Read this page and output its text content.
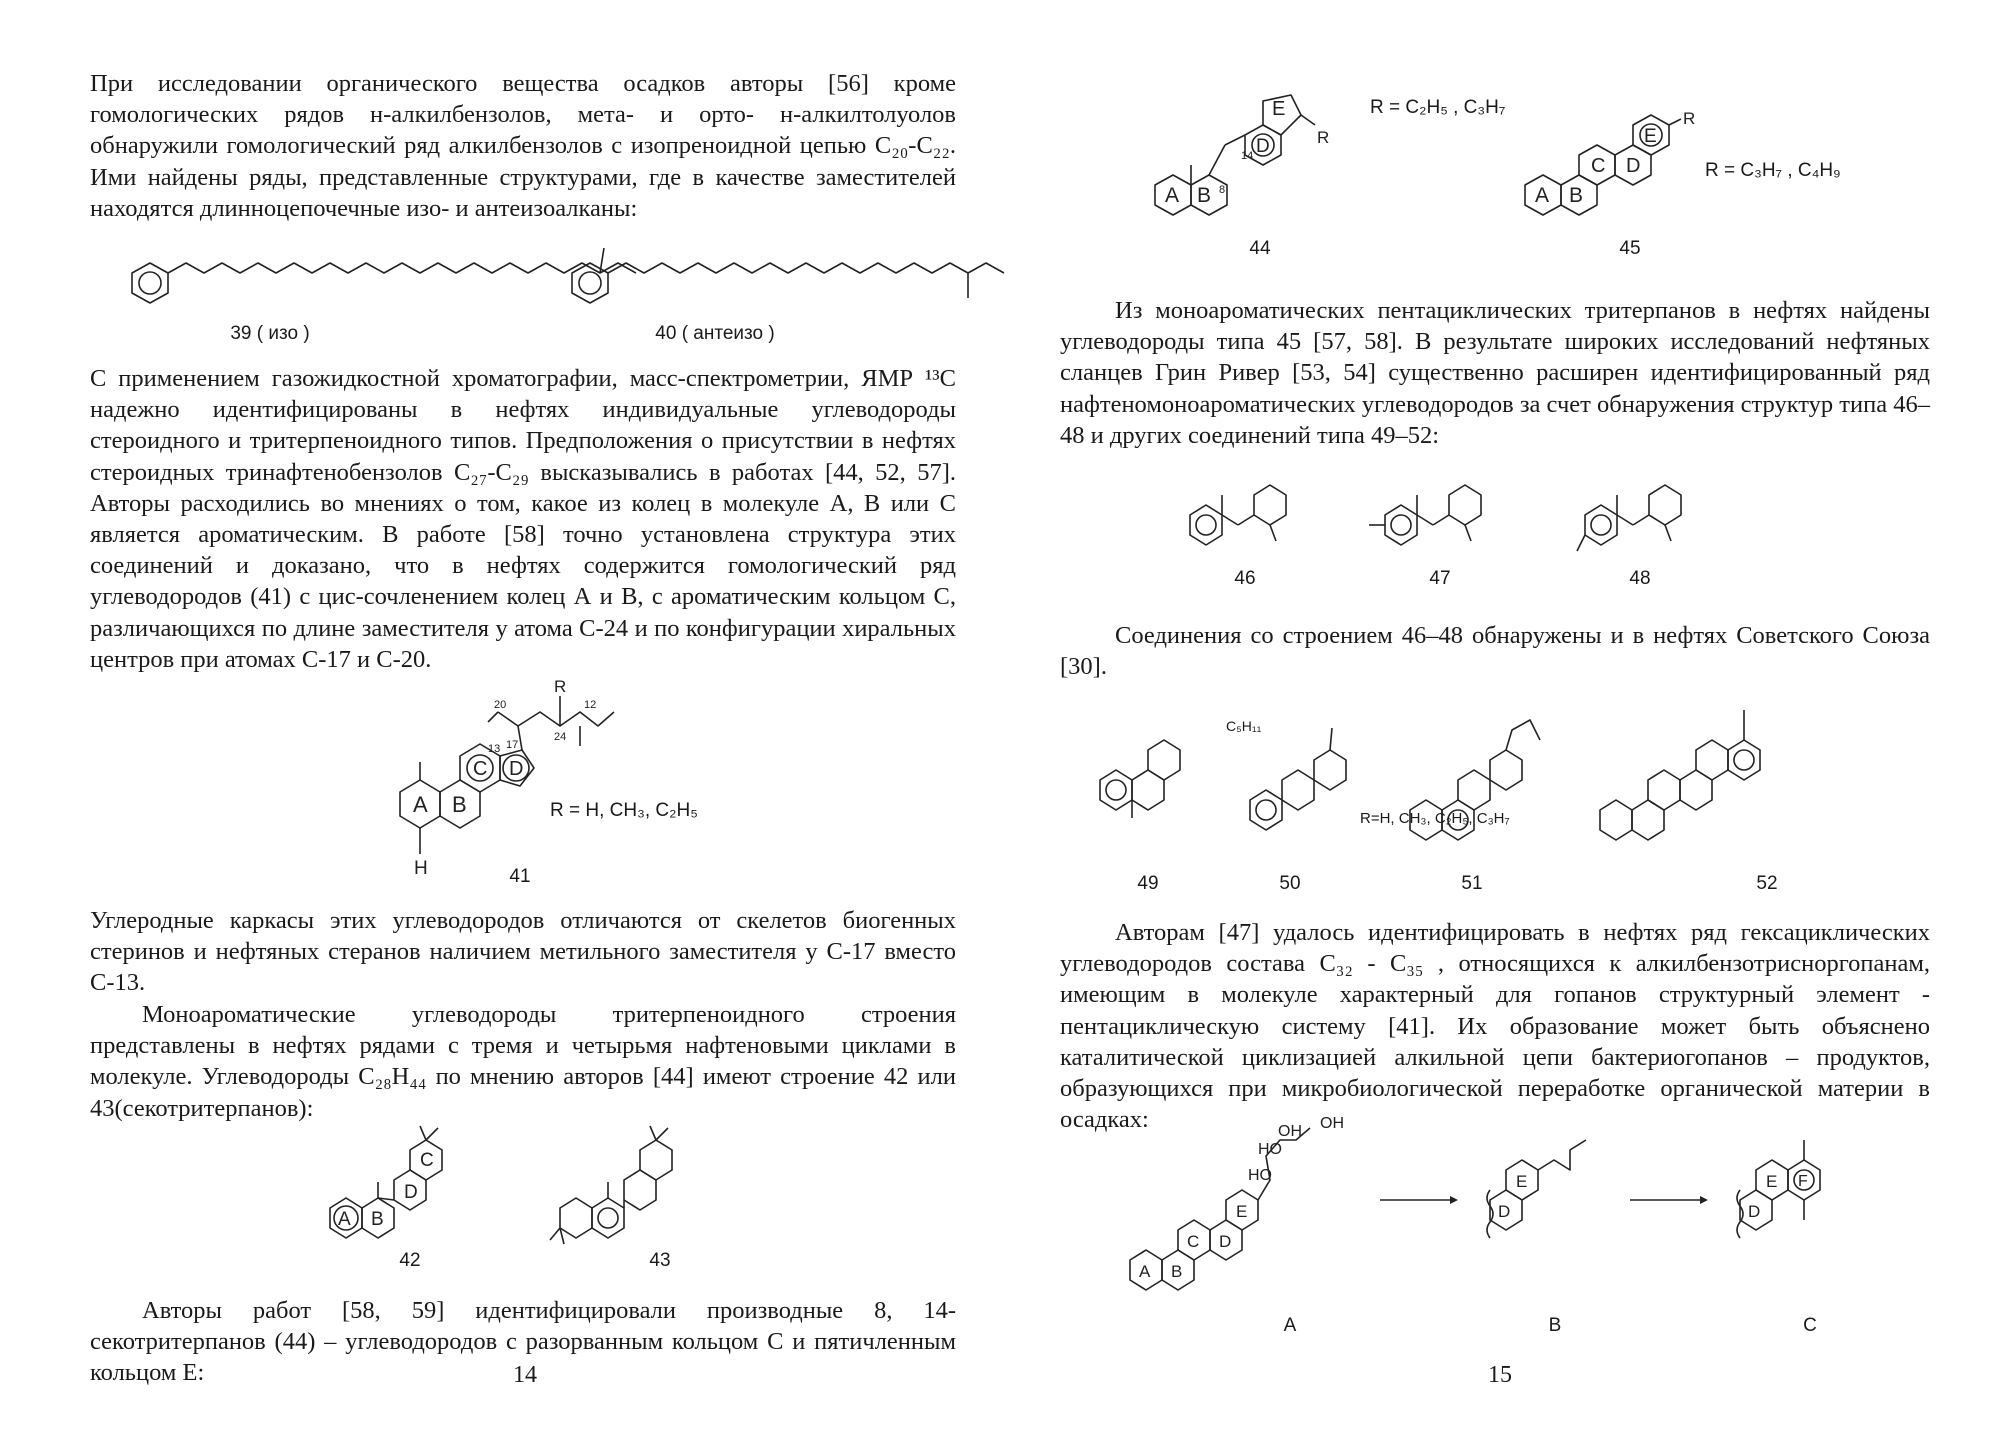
При исследовании органического вещества осадков авторы [56] кроме гомологических рядов н-алкилбензолов, мета- и орто- н-алкилтолуолов обнаружили гомологический ряд алкилбензолов с изопреноидной цепью C₂₀-C₂₂. Ими найдены ряды, представленные структурами, где в качестве заместителей находятся длинноцепочечные изо- и антеизоалканы:

39 ( изо )	40 ( антеизо )

С применением газожидкостной хроматографии, масс-спектрометрии, ЯМР ¹³С надежно идентифицированы в нефтях индивидуальные углеводороды стероидного и тритерпеноидного типов. Предположения о присутствии в нефтях стероидных тринафтенобензолов C₂₇-C₂₉ высказывались в работах [44, 52, 57]. Авторы расходились во мнениях о том, какое из колец в молекуле А, В или С является ароматическим. В работе [58] точно установлена структура этих соединений и доказано, что в нефтях содержится гомологический ряд углеводородов (41) с цис-сочленением колец А и В, с ароматическим кольцом С, различающихся по длине заместителя у атома С-24 и по конфигурации хиральных центров при атомах С-17 и С-20.

A B
C D
H
13 17
20
R
24
12
R = H, CH₃, C₂H₅
41

Углеродные каркасы этих углеводородов отличаются от скелетов биогенных стеринов и нефтяных стеранов наличием метильного заместителя у С-17 вместо С-13.

Моноароматические углеводороды тритерпеноидного строения представлены в нефтях рядами с тремя и четырьмя нафтеновыми циклами в молекуле. Углеводороды C₂₈H₄₄ по мнению авторов [44] имеют строение 42 или 43(секотритерпанов):

A B
D
C
42	43

Авторы работ [58, 59] идентифицировали производные 8, 14-секотритерпанов (44) – углеводородов с разорванным кольцом С и пятичленным кольцом Е:	14
A B 8
D
E
14
R
R = C₂H₅ , C₃H₇
44
A B
C D
E
R
R = C₃H₇ , C₄H₉
45

Из моноароматических пентациклических тритерпанов в нефтях найдены углеводороды типа 45 [57, 58]. В результате широких исследований нефтяных сланцев Грин Ривер [53, 54] существенно расширен идентифицированный ряд нафтеномоноароматических углеводородов за счет обнаружения структур типа 46–48 и других соединений типа 49–52:

46	47	48

Соединения со строением 46–48 обнаружены и в нефтях Советского Союза [30].

C₅H₁₁
R=H, CH₃, C₂H₅, C₃H₇
49	50	51	52

Авторам [47] удалось идентифицировать в нефтях ряд гексациклических углеводородов состава C₃₂ - C₃₅ , относящихся к алкилбензотрисноргопанам, имеющим в молекуле характерный для гопанов структурный элемент - пентациклическую систему [41]. Их образование может быть объяснено каталитической циклизацией алкильной цепи бактериогопанов – продуктов, образующихся при микробиологической переработке органической материи в осадках:

A B
C D
E
OH
HO
HO
OH
D
E
D
E F
A	B	C
15
